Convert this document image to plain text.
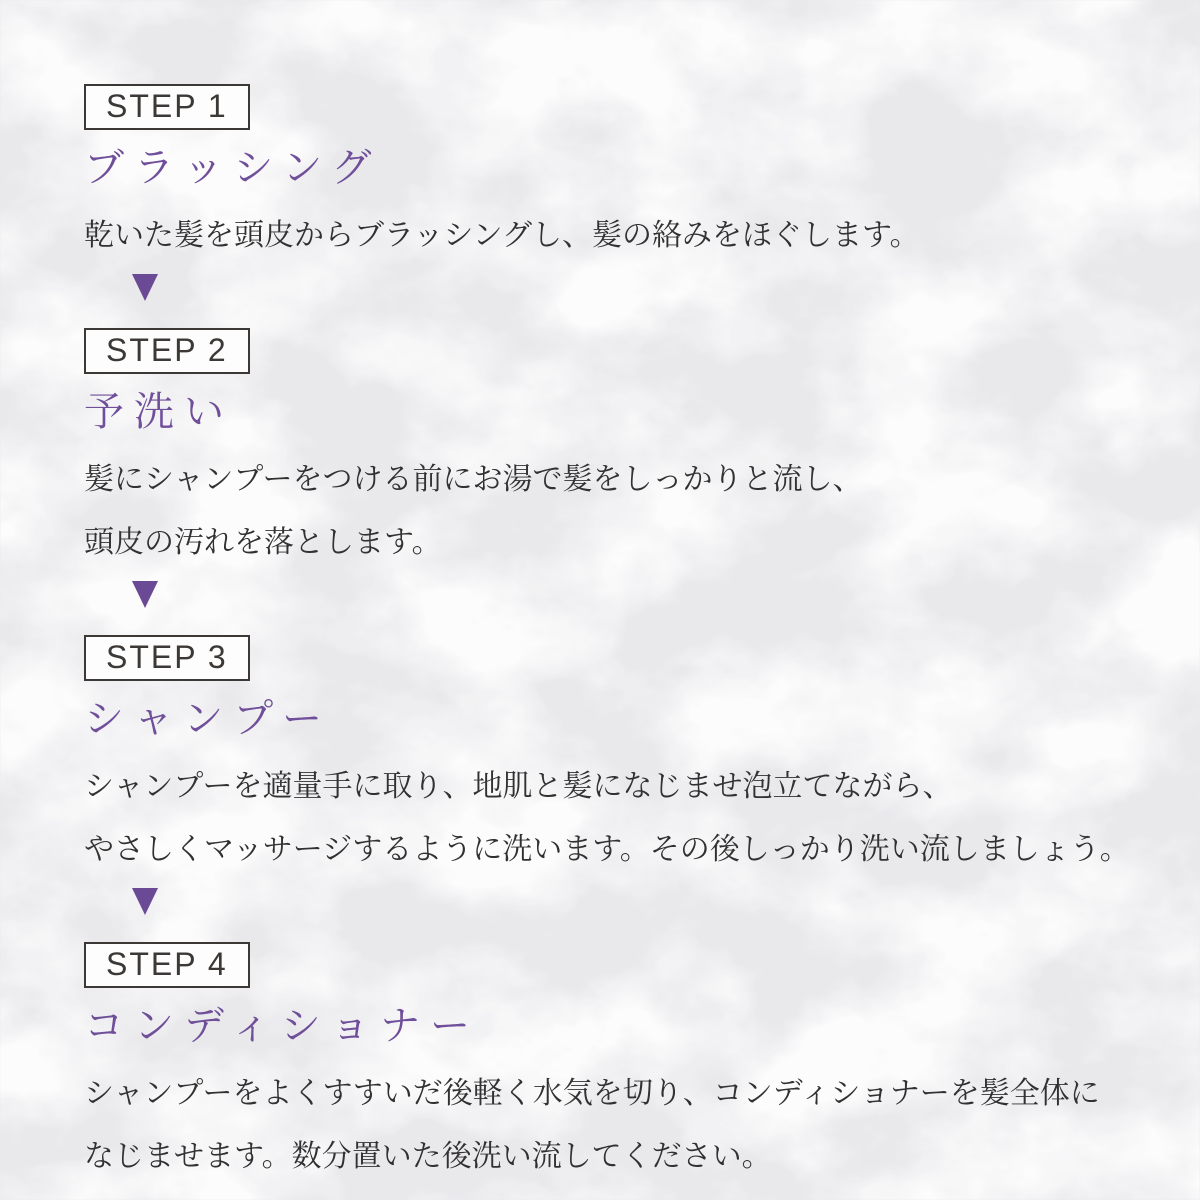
STEP 1
ブラッシング

乾いた髪を頭皮からブラッシングし、髪の絡みをほぐします。

STEP 2
予洗い

髪にシャンプーをつける前にお湯で髪をしっかりと流し、
頭皮の汚れを落とします。

STEP 3
シャンプー

シャンプーを適量手に取り、地肌と髪になじませ泡立てながら、
やさしくマッサージするように洗います。その後しっかり洗い流しましょう。

STEP 4
コンディショナー

シャンプーをよくすすいだ後軽く水気を切り、コンディショナーを髪全体に
なじませます。数分置いた後洗い流してください。
